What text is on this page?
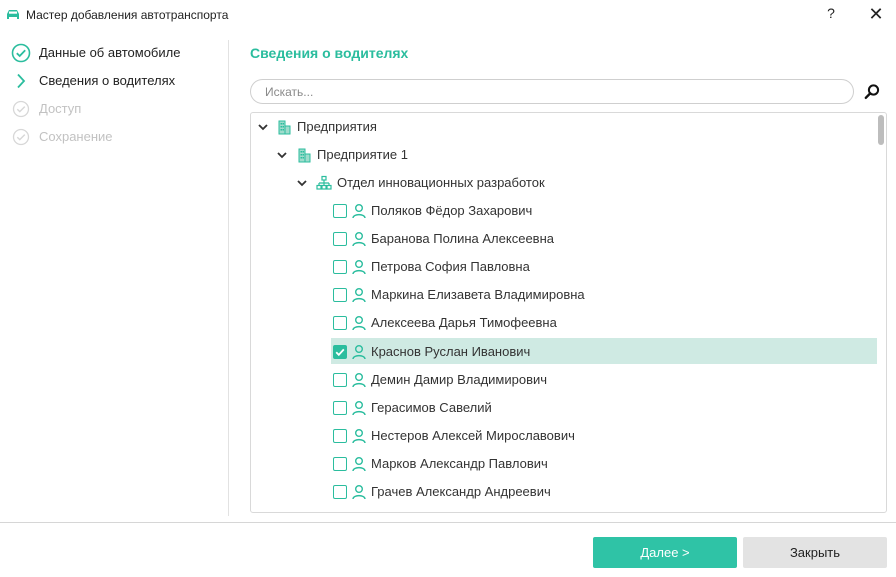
Мастер добавления автотранспорта	? ✕
Данные об автомобиле
Сведения о водителях
Доступ
Сохранение
Сведения о водителях
Искать...
Предприятия
Предприятие 1
Отдел инновационных разработок
Поляков Фёдор Захарович
Баранова Полина Алексеевна
Петрова София Павловна
Маркина Елизавета Владимировна
Алексеева Дарья Тимофеевна
Краснов Руслан Иванович
Демин Дамир Владимирович
Герасимов Савелий
Нестеров Алексей Мирославович
Марков Александр Павлович
Грачев Александр Андреевич
Далее >	Закрыть
